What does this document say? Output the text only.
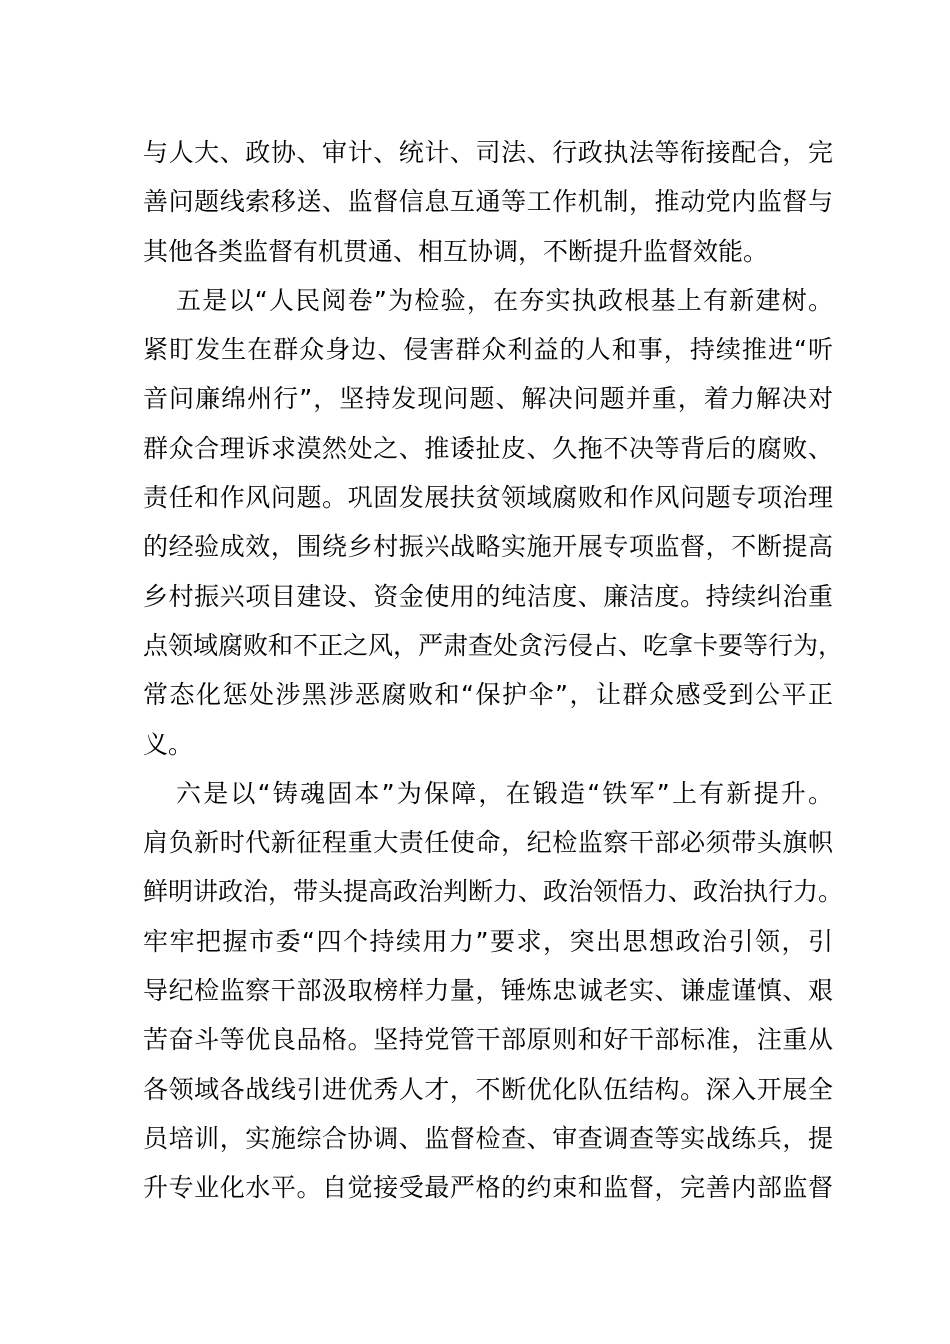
与人大、政协、审计、统计、司法、行政执法等衔接配合，完
善问题线索移送、监督信息互通等工作机制，推动党内监督与
其他各类监督有机贯通、相互协调，不断提升监督效能。
五是以“人民阅卷”为检验，在夯实执政根基上有新建树。
紧盯发生在群众身边、侵害群众利益的人和事，持续推进“听
音问廉绵州行”，坚持发现问题、解决问题并重，着力解决对
群众合理诉求漠然处之、推诿扯皮、久拖不决等背后的腐败、
责任和作风问题。巩固发展扶贫领域腐败和作风问题专项治理
的经验成效，围绕乡村振兴战略实施开展专项监督，不断提高
乡村振兴项目建设、资金使用的纯洁度、廉洁度。持续纠治重
点领域腐败和不正之风，严肃查处贪污侵占、吃拿卡要等行为，
常态化惩处涉黑涉恶腐败和“保护伞”，让群众感受到公平正
义。
六是以“铸魂固本”为保障，在锻造“铁军”上有新提升。
肩负新时代新征程重大责任使命，纪检监察干部必须带头旗帜
鲜明讲政治，带头提高政治判断力、政治领悟力、政治执行力。
牢牢把握市委“四个持续用力”要求，突出思想政治引领，引
导纪检监察干部汲取榜样力量，锤炼忠诚老实、谦虚谨慎、艰
苦奋斗等优良品格。坚持党管干部原则和好干部标准，注重从
各领域各战线引进优秀人才，不断优化队伍结构。深入开展全
员培训，实施综合协调、监督检查、审查调查等实战练兵，提
升专业化水平。自觉接受最严格的约束和监督，完善内部监督
